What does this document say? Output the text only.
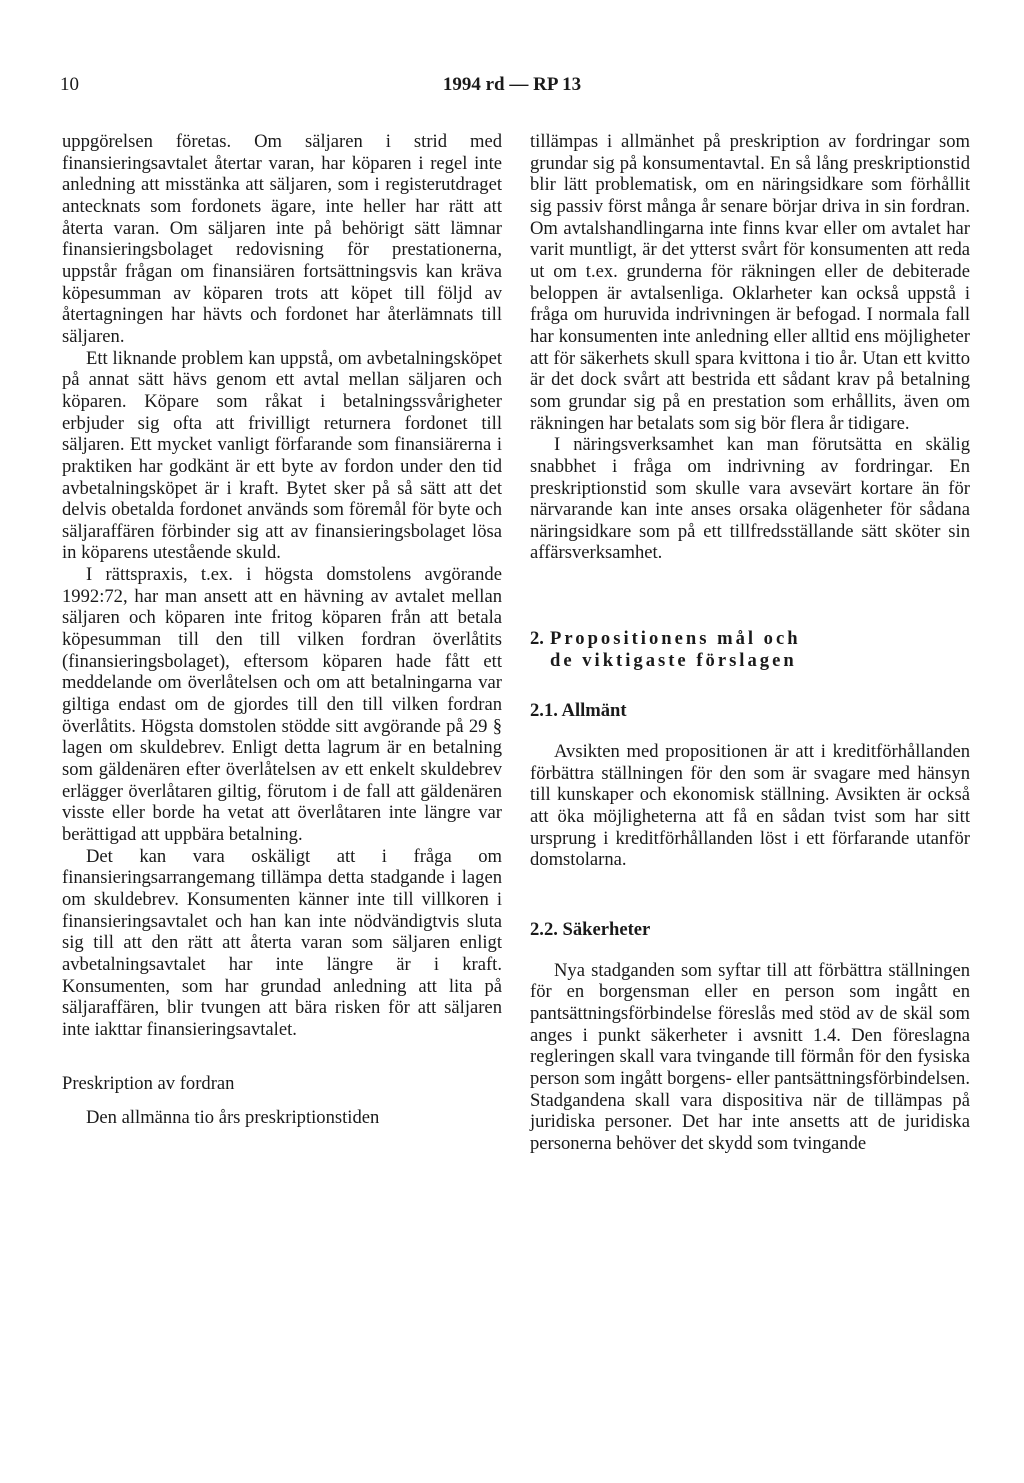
10	1994 rd — RP 13

uppgörelsen företas. Om säljaren i strid med finansieringsavtalet återtar varan, har köparen i regel inte anledning att misstänka att säljaren, som i registerutdraget antecknats som fordonets ägare, inte heller har rätt att återta varan. Om säljaren inte på behörigt sätt lämnar finansieringsbolaget redovisning för prestationerna, uppstår frågan om finansiären fortsättningsvis kan kräva köpesumman av köparen trots att köpet till följd av återtagningen har hävts och fordonet har återlämnats till säljaren.

Ett liknande problem kan uppstå, om avbetalningsköpet på annat sätt hävs genom ett avtal mellan säljaren och köparen. Köpare som råkat i betalningssvårigheter erbjuder sig ofta att frivilligt returnera fordonet till säljaren. Ett mycket vanligt förfarande som finansiärerna i praktiken har godkänt är ett byte av fordon under den tid avbetalningsköpet är i kraft. Bytet sker på så sätt att det delvis obetalda fordonet används som föremål för byte och säljaraffären förbinder sig att av finansieringsbolaget lösa in köparens utestående skuld.

I rättspraxis, t.ex. i högsta domstolens avgörande 1992:72, har man ansett att en hävning av avtalet mellan säljaren och köparen inte fritog köparen från att betala köpesumman till den till vilken fordran överlåtits (finansieringsbolaget), eftersom köparen hade fått ett meddelande om överlåtelsen och om att betalningarna var giltiga endast om de gjordes till den till vilken fordran överlåtits. Högsta domstolen stödde sitt avgörande på 29 § lagen om skuldebrev. Enligt detta lagrum är en betalning som gäldenären efter överlåtelsen av ett enkelt skuldebrev erlägger överlåtaren giltig, förutom i de fall att gäldenären visste eller borde ha vetat att överlåtaren inte längre var berättigad att uppbära betalning.

Det kan vara oskäligt att i fråga om finansieringsarrangemang tillämpa detta stadgande i lagen om skuldebrev. Konsumenten känner inte till villkoren i finansieringsavtalet och han kan inte nödvändigtvis sluta sig till att den rätt att återta varan som säljaren enligt avbetalningsavtalet har inte längre är i kraft. Konsumenten, som har grundad anledning att lita på säljaraffären, blir tvungen att bära risken för att säljaren inte iakttar finansieringsavtalet.

Preskription av fordran

Den allmänna tio års preskriptionstiden

tillämpas i allmänhet på preskription av fordringar som grundar sig på konsumentavtal. En så lång preskriptionstid blir lätt problematisk, om en näringsidkare som förhållit sig passiv först många år senare börjar driva in sin fordran. Om avtalshandlingarna inte finns kvar eller om avtalet har varit muntligt, är det ytterst svårt för konsumenten att reda ut om t.ex. grunderna för räkningen eller de debiterade beloppen är avtalsenliga. Oklarheter kan också uppstå i fråga om huruvida indrivningen är befogad. I normala fall har konsumenten inte anledning eller alltid ens möjligheter att för säkerhets skull spara kvittona i tio år. Utan ett kvitto är det dock svårt att bestrida ett sådant krav på betalning som grundar sig på en prestation som erhållits, även om räkningen har betalats som sig bör flera år tidigare.

I näringsverksamhet kan man förutsätta en skälig snabbhet i fråga om indrivning av fordringar. En preskriptionstid som skulle vara avsevärt kortare än för närvarande kan inte anses orsaka olägenheter för sådana näringsidkare som på ett tillfredsställande sätt sköter sin affärsverksamhet.

2. Propositionens mål och
de viktigaste förslagen

2.1. Allmänt

Avsikten med propositionen är att i kreditförhållanden förbättra ställningen för den som är svagare med hänsyn till kunskaper och ekonomisk ställning. Avsikten är också att öka möjligheterna att få en sådan tvist som har sitt ursprung i kreditförhållanden löst i ett förfarande utanför domstolarna.

2.2. Säkerheter

Nya stadganden som syftar till att förbättra ställningen för en borgensman eller en person som ingått en pantsättningsförbindelse föreslås med stöd av de skäl som anges i punkt säkerheter i avsnitt 1.4. Den föreslagna regleringen skall vara tvingande till förmån för den fysiska person som ingått borgens- eller pantsättningsförbindelsen. Stadgandena skall vara dispositiva när de tillämpas på juridiska personer. Det har inte ansetts att de juridiska personerna behöver det skydd som tvingande
